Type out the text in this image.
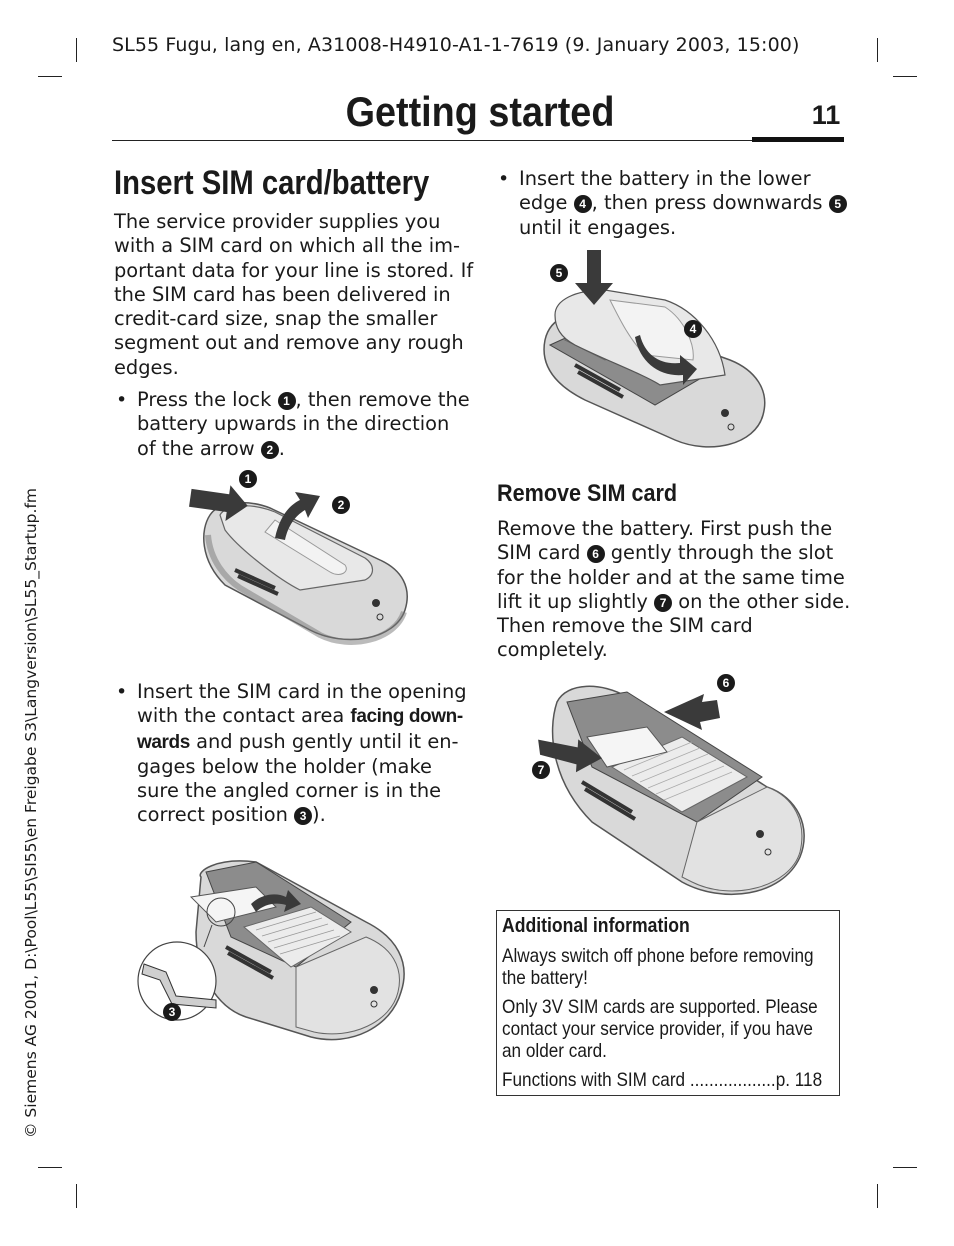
SL55 Fugu, lang en, A31008-H4910-A1-1-7619 (9. January 2003, 15:00)
Getting started	11
© Siemens AG 2001, D:\Pool\L55\SI55\en Freigabe S3\Langversion\SL55_Startup.fm
Insert SIM card/battery
The service provider supplies you
with a SIM card on which all the im-
portant data for your line is stored. If
the SIM card has been delivered in
credit-card size, snap the smaller
segment out and remove any rough
edges.
• Press the lock 1 , then remove the
battery upwards in the direction
of the arrow 2 .
1
2
• Insert the SIM card in the opening
with the contact area facing down-
wards and push gently until it en-
gages below the holder (make
sure the angled corner is in the
correct position 3 ).
3
• Insert the battery in the lower
edge 4 , then press downwards 5
until it engages.
5
4
Remove SIM card
Remove the battery. First push the
SIM card 6 gently through the slot
for the holder and at the same time
lift it up slightly 7 on the other side.
Then remove the SIM card
completely.
6
7
Additional information
Always switch off phone before removing
the battery!
Only 3V SIM cards are supported. Please
contact your service provider, if you have
an older card.
Functions with SIM card ..................p. 118
